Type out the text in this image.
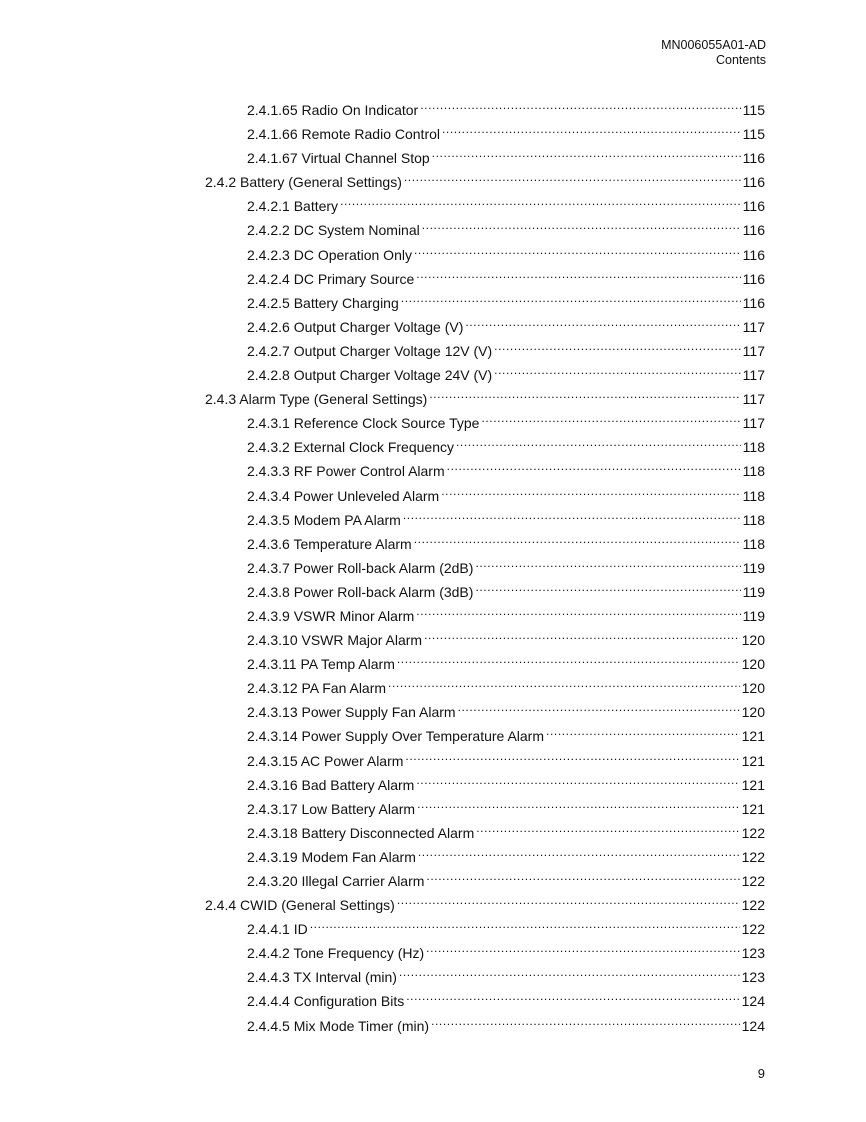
MN006055A01-AD
Contents
2.4.1.65 Radio On Indicator .....	115
2.4.1.66 Remote Radio Control .....	115
2.4.1.67 Virtual Channel Stop .....	116
2.4.2 Battery (General Settings) .....	116
2.4.2.1 Battery .....	116
2.4.2.2 DC System Nominal .....	116
2.4.2.3 DC Operation Only .....	116
2.4.2.4 DC Primary Source .....	116
2.4.2.5 Battery Charging .....	116
2.4.2.6 Output Charger Voltage (V) .....	117
2.4.2.7 Output Charger Voltage 12V (V) .....	117
2.4.2.8 Output Charger Voltage 24V (V) .....	117
2.4.3 Alarm Type (General Settings) .....	117
2.4.3.1 Reference Clock Source Type .....	117
2.4.3.2 External Clock Frequency .....	118
2.4.3.3 RF Power Control Alarm .....	118
2.4.3.4 Power Unleveled Alarm .....	118
2.4.3.5 Modem PA Alarm .....	118
2.4.3.6 Temperature Alarm .....	118
2.4.3.7 Power Roll-back Alarm (2dB) .....	119
2.4.3.8 Power Roll-back Alarm (3dB) .....	119
2.4.3.9 VSWR Minor Alarm .....	119
2.4.3.10 VSWR Major Alarm .....	120
2.4.3.11 PA Temp Alarm .....	120
2.4.3.12 PA Fan Alarm .....	120
2.4.3.13 Power Supply Fan Alarm .....	120
2.4.3.14 Power Supply Over Temperature Alarm .....	121
2.4.3.15 AC Power Alarm .....	121
2.4.3.16 Bad Battery Alarm .....	121
2.4.3.17 Low Battery Alarm .....	121
2.4.3.18 Battery Disconnected Alarm .....	122
2.4.3.19 Modem Fan Alarm .....	122
2.4.3.20 Illegal Carrier Alarm .....	122
2.4.4 CWID (General Settings) .....	122
2.4.4.1 ID .....	122
2.4.4.2 Tone Frequency (Hz) .....	123
2.4.4.3 TX Interval (min) .....	123
2.4.4.4 Configuration Bits .....	124
2.4.4.5 Mix Mode Timer (min) .....	124
9
